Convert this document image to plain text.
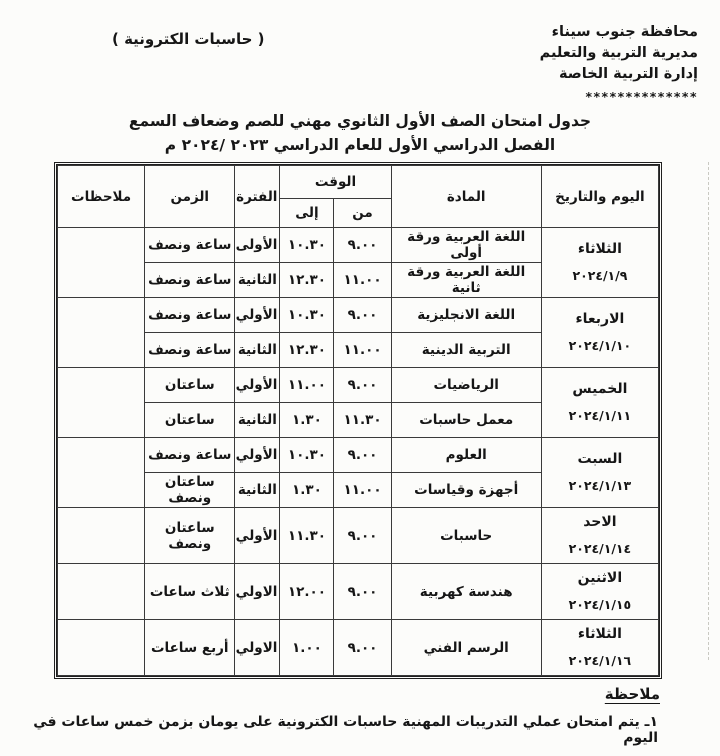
( حاسبات الكترونية )	محافظة جنوب سيناء
مديرية التربية والتعليم
إدارة التربية الخاصة
**************
جدول امتحان الصف الأول الثانوي مهني للصم وضعاف السمع
الفصل الدراسي الأول للعام الدراسي ٢٠٢٣ /٢٠٢٤ م
اليوم والتاريخ	المادة	الوقت		الفترة	الزمن	ملاحظات
		من	إلى			

الثلاثاء
٢٠٢٤/١/٩	اللغة العربية ورقة أولى	٩.٠٠	١٠.٣٠	الأولى	ساعة ونصف	
	اللغة العربية ورقة ثانية	١١.٠٠	١٢.٣٠	الثانية	ساعة ونصف	

الاربعاء
٢٠٢٤/١/١٠	اللغة الانجليزية	٩.٠٠	١٠.٣٠	الأولي	ساعة ونصف	
	التربية الدينية	١١.٠٠	١٢.٣٠	الثانية	ساعة ونصف	

الخميس
٢٠٢٤/١/١١	الرياضيات	٩.٠٠	١١.٠٠	الأولي	ساعتان	
	معمل حاسبات	١١.٣٠	١.٣٠	الثانية	ساعتان	

السبت
٢٠٢٤/١/١٣	العلوم	٩.٠٠	١٠.٣٠	الأولي	ساعة ونصف	
	أجهزة وقياسات	١١.٠٠	١.٣٠	الثانية	ساعتان ونصف	

الاحد
٢٠٢٤/١/١٤	حاسبات	٩.٠٠	١١.٣٠	الأولي	ساعتان ونصف	

الاثنين
٢٠٢٤/١/١٥	هندسة كهربية	٩.٠٠	١٢.٠٠	الاولي	ثلاث ساعات	

الثلاثاء
٢٠٢٤/١/١٦	الرسم الفني	٩.٠٠	١.٠٠	الاولي	أربع ساعات	
ملاحظة
١ـ يتم امتحان عملي التدريبات المهنية حاسبات الكترونية على يومان بزمن خمس ساعات في اليوم
